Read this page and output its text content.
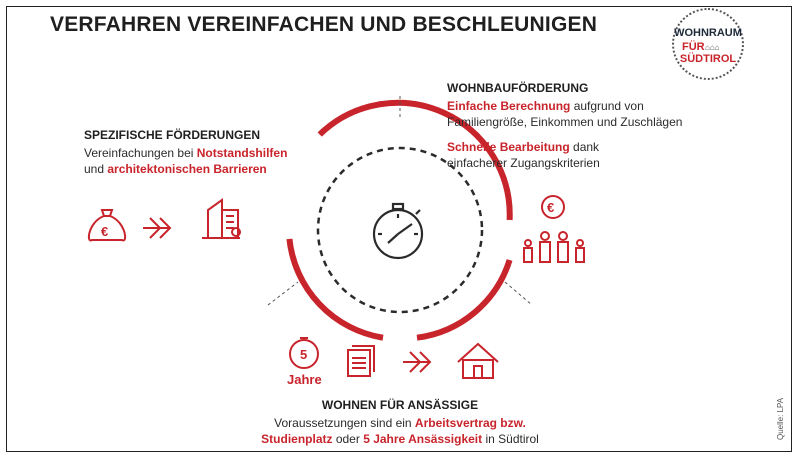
VERFAHREN VEREINFACHEN UND BESCHLEUNIGEN	WOHNRAUM
FÜR ⌂⌂⌂
SÜDTIROL
€
€
5
Jahre
SPEZIFISCHE FÖRDERUNGEN
Vereinfachungen bei Notstandshilfen
und architektonischen Barrieren
WOHNBAUFÖRDERUNG
Einfache Berechnung aufgrund von
Familiengröße, Einkommen und Zuschlägen
Schnelle Bearbeitung dank
einfacherer Zugangskriterien
WOHNEN FÜR ANSÄSSIGE
Voraussetzungen sind ein Arbeitsvertrag bzw.
Studienplatz oder 5 Jahre Ansässigkeit in Südtirol	Quelle: LPA
